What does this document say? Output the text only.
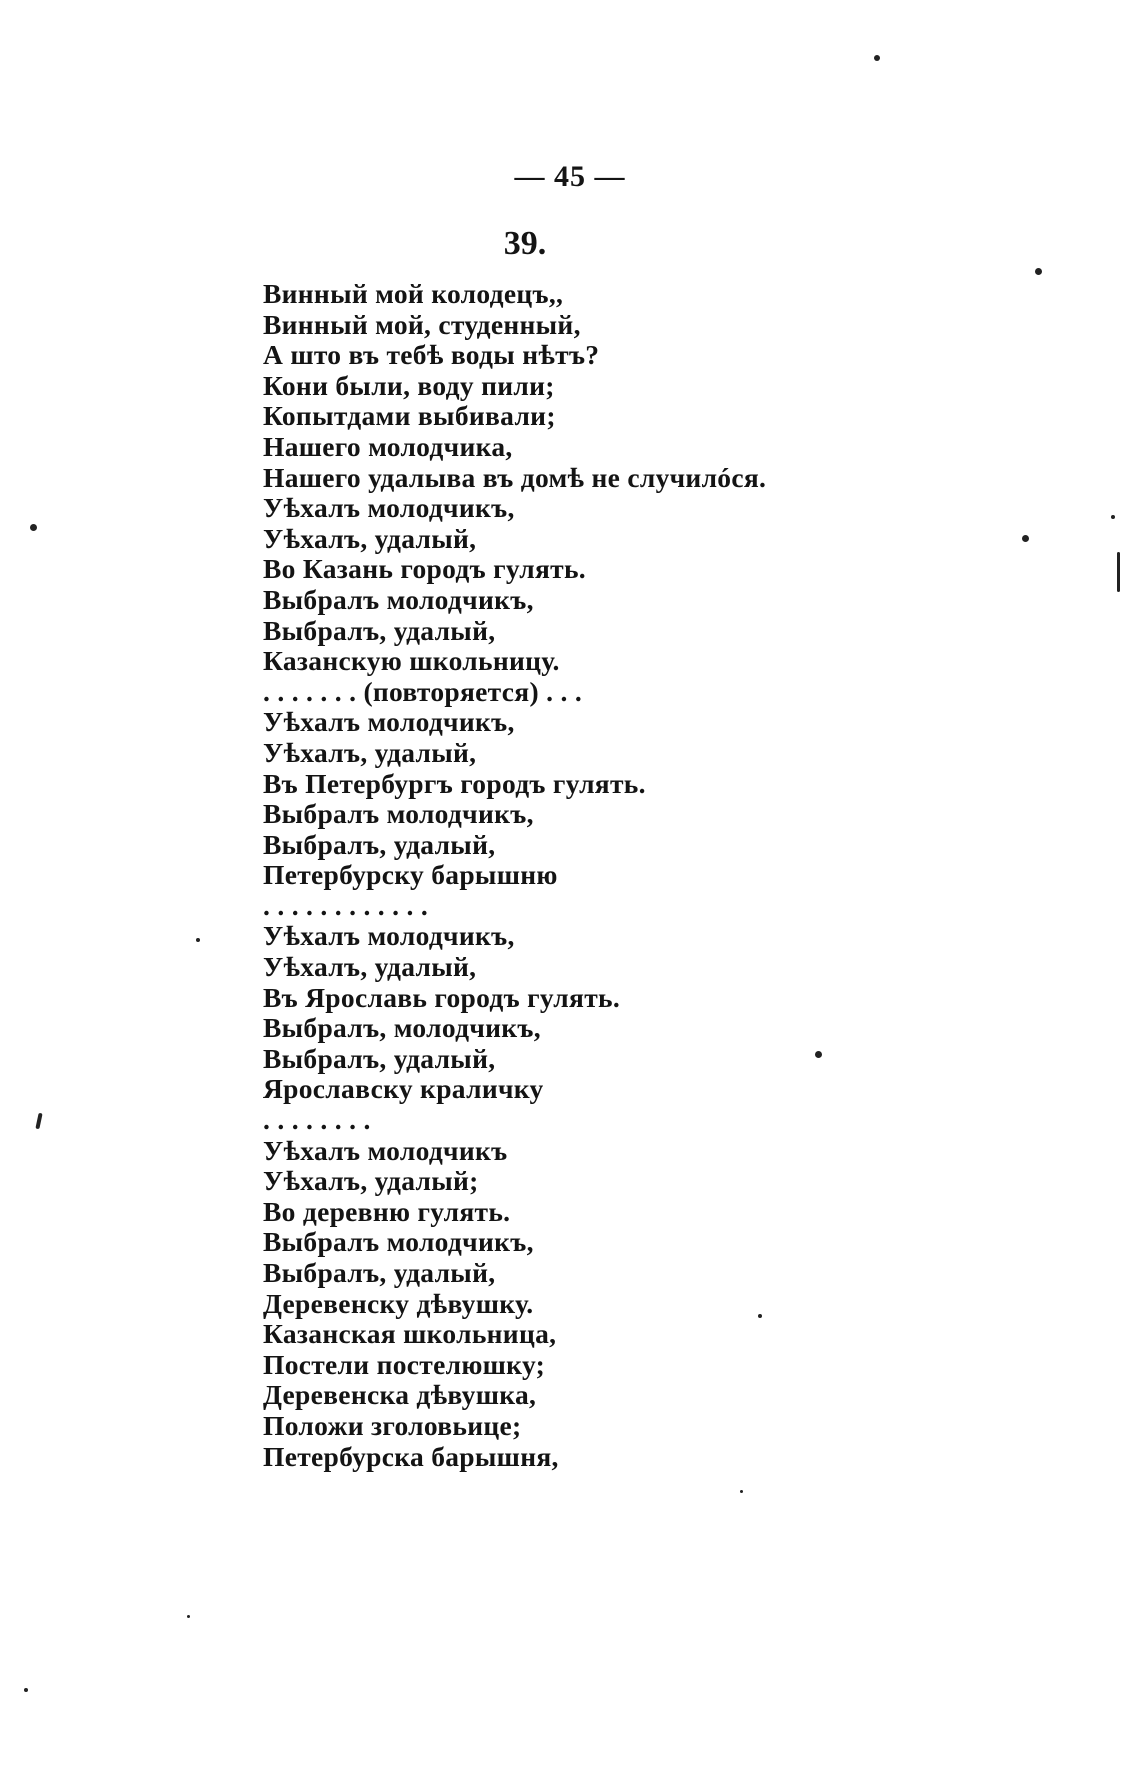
— 45 —
39.
Винный мой колодецъ,,
Винный мой, студенный,
А што въ тебѣ воды нѣтъ?
Кони были, воду пили;
Копытдами выбивали;
Нашего молодчика,
Нашего удалыва въ домѣ не случилóся.
Уѣхалъ молодчикъ,
Уѣхалъ, удалый,
Во Казань городъ гулять.
Выбралъ молодчикъ,
Выбралъ, удалый,
Казанскую школьницу.
. . . . . . . (повторяется) . . .
Уѣхалъ молодчикъ,
Уѣхалъ, удалый,
Въ Петербургъ городъ гулять.
Выбралъ молодчикъ,
Выбралъ, удалый,
Петербурску барышню
. . . . . . . . . . . .
Уѣхалъ молодчикъ,
Уѣхалъ, удалый,
Въ Ярославь городъ гулять.
Выбралъ, молодчикъ,
Выбралъ, удалый,
Ярославску краличку
. . . . . . . .
Уѣхалъ молодчикъ
Уѣхалъ, удалый;
Во деревню гулять.
Выбралъ молодчикъ,
Выбралъ, удалый,
Деревенску дѣвушку.
Казанская школьница,
Постели постелюшку;
Деревенска дѣвушка,
Положи зголовьице;
Петербурска барышня,
